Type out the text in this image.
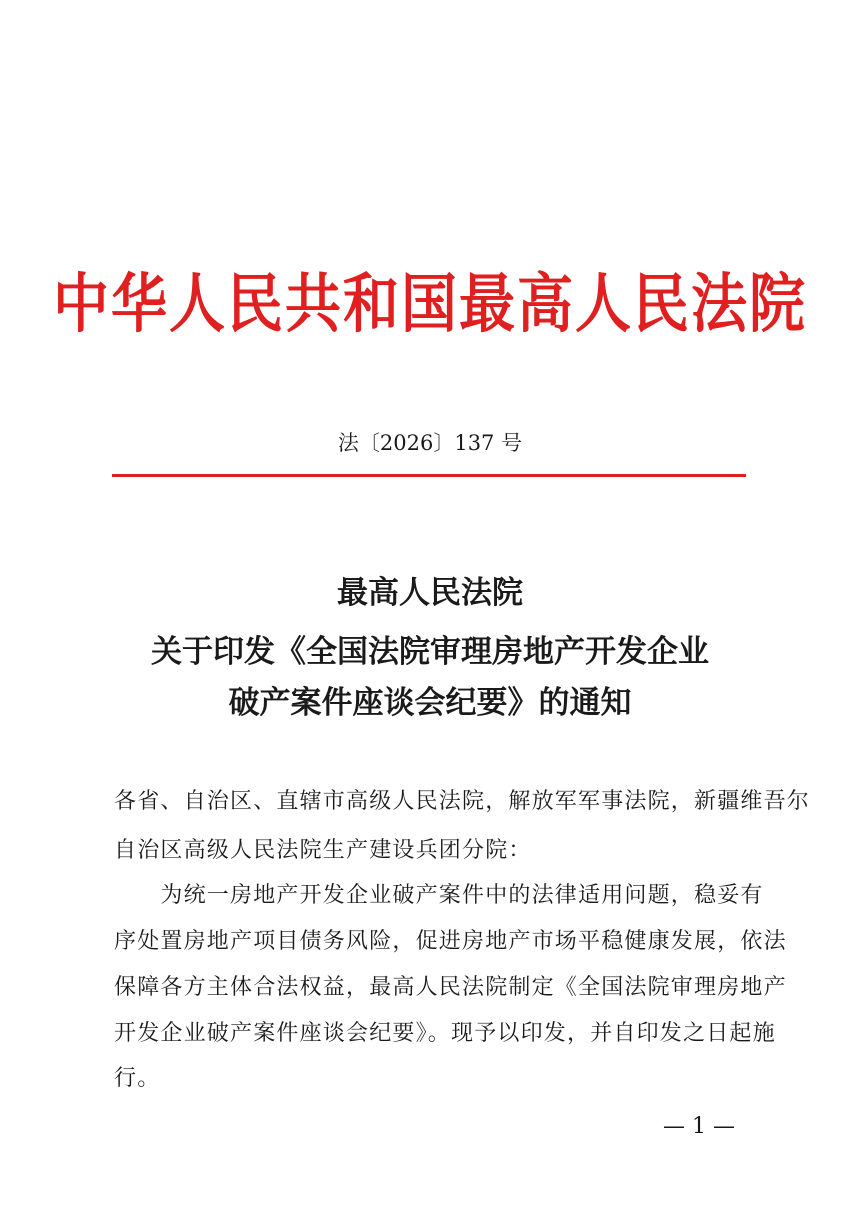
中华人民共和国最高人民法院
法〔2026〕137 号
最高人民法院
关于印发《全国法院审理房地产开发企业
破产案件座谈会纪要》的通知
各省、自治区、直辖市高级人民法院，解放军军事法院，新疆维吾尔
自治区高级人民法院生产建设兵团分院：
　　为统一房地产开发企业破产案件中的法律适用问题，稳妥有
序处置房地产项目债务风险，促进房地产市场平稳健康发展，依法
保障各方主体合法权益，最高人民法院制定《全国法院审理房地产
开发企业破产案件座谈会纪要》。现予以印发，并自印发之日起施
行。
— 1 —
